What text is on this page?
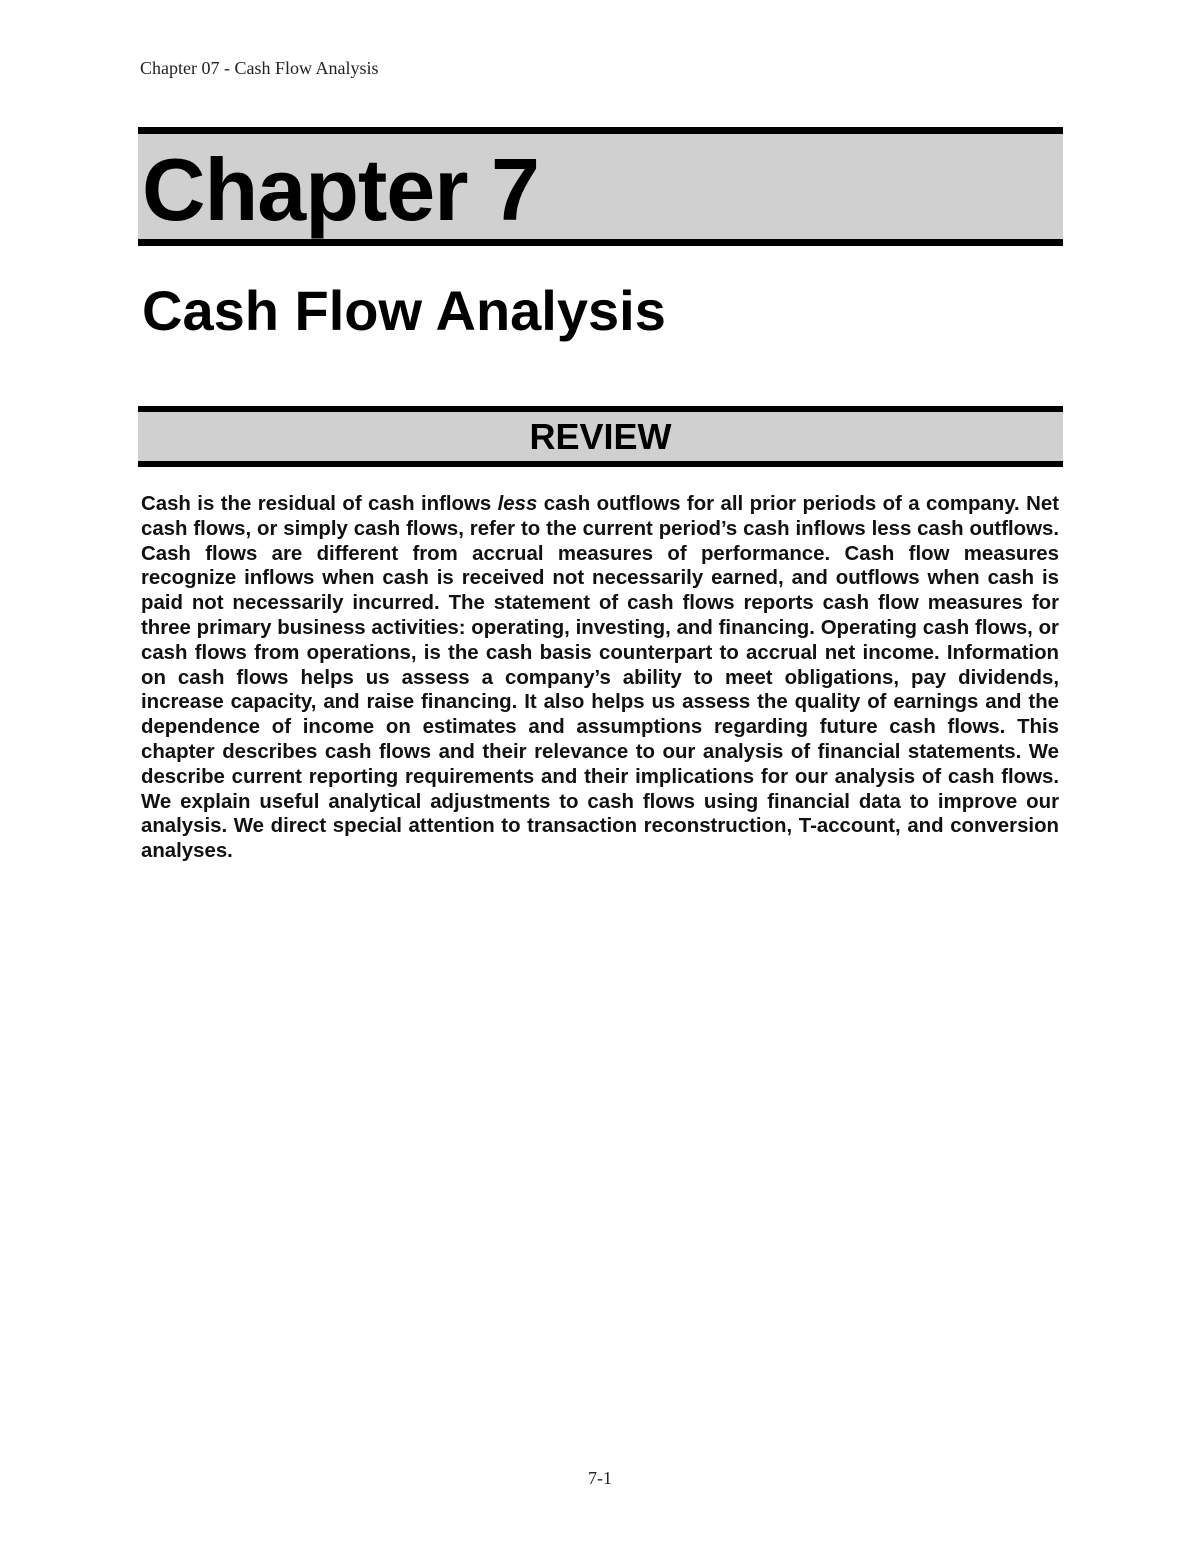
Chapter 07 - Cash Flow Analysis
Chapter 7
Cash Flow Analysis
REVIEW

Cash is the residual of cash inflows less cash outflows for all prior periods of a company. Net cash flows, or simply cash flows, refer to the current period’s cash inflows less cash outflows. Cash flows are different from accrual measures of performance. Cash flow measures recognize inflows when cash is received not necessarily earned, and outflows when cash is paid not necessarily incurred. The statement of cash flows reports cash flow measures for three primary business activities: operating, investing, and financing. Operating cash flows, or cash flows from operations, is the cash basis counterpart to accrual net income. Information on cash flows helps us assess a company’s ability to meet obligations, pay dividends, increase capacity, and raise financing. It also helps us assess the quality of earnings and the dependence of income on estimates and assumptions regarding future cash flows. This chapter describes cash flows and their relevance to our analysis of financial statements. We describe current reporting requirements and their implications for our analysis of cash flows. We explain useful analytical adjustments to cash flows using financial data to improve our analysis. We direct special attention to transaction reconstruction, T-account, and conversion analyses.

7-1
